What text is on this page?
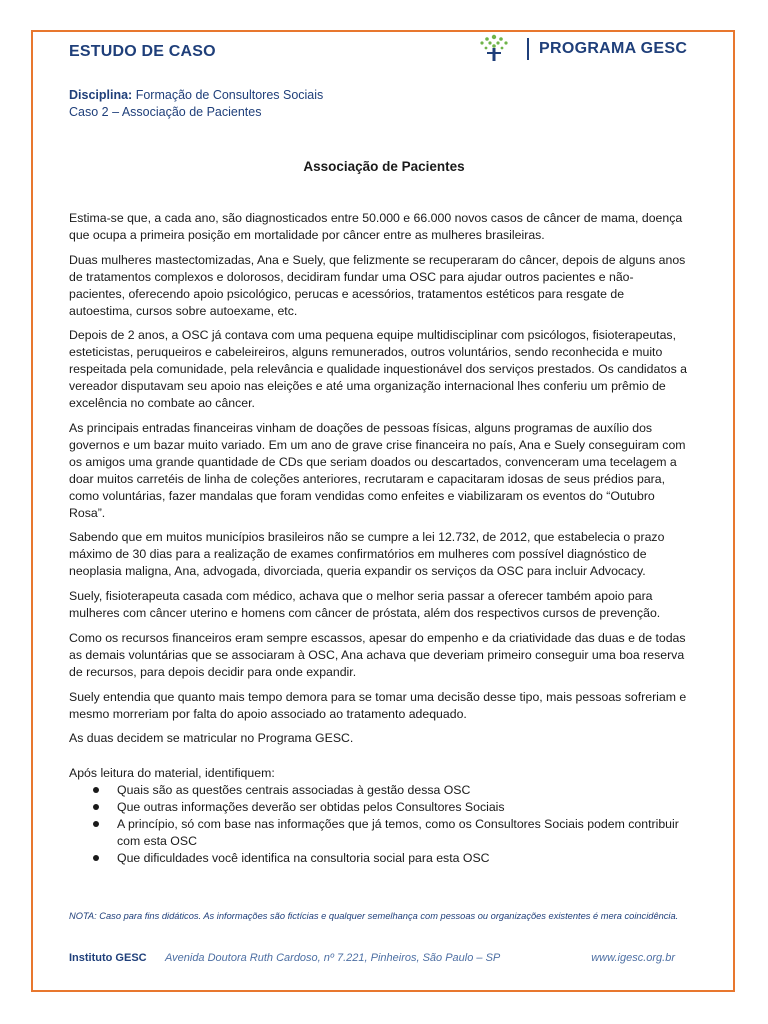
ESTUDO DE CASO	PROGRAMA GESC
Disciplina: Formação de Consultores Sociais
Caso 2 – Associação de Pacientes
Associação de Pacientes

Estima-se que, a cada ano, são diagnosticados entre 50.000 e 66.000 novos casos de câncer de mama, doença que ocupa a primeira posição em mortalidade por câncer entre as mulheres brasileiras.

Duas mulheres mastectomizadas, Ana e Suely, que felizmente se recuperaram do câncer, depois de alguns anos de tratamentos complexos e dolorosos, decidiram fundar uma OSC para ajudar outros pacientes e não-pacientes, oferecendo apoio psicológico, perucas e acessórios, tratamentos estéticos para resgate de autoestima, cursos sobre autoexame, etc.

Depois de 2 anos, a OSC já contava com uma pequena equipe multidisciplinar com psicólogos, fisioterapeutas, esteticistas, peruqueiros e cabeleireiros, alguns remunerados, outros voluntários, sendo reconhecida e muito respeitada pela comunidade, pela relevância e qualidade inquestionável dos serviços prestados. Os candidatos a vereador disputavam seu apoio nas eleições e até uma organização internacional lhes conferiu um prêmio de excelência no combate ao câncer.

As principais entradas financeiras vinham de doações de pessoas físicas, alguns programas de auxílio dos governos e um bazar muito variado. Em um ano de grave crise financeira no país, Ana e Suely conseguiram com os amigos uma grande quantidade de CDs que seriam doados ou descartados, convenceram uma tecelagem a doar muitos carretéis de linha de coleções anteriores, recrutaram e capacitaram idosas de seus prédios para, como voluntárias, fazer mandalas que foram vendidas como enfeites e viabilizaram os eventos do “Outubro Rosa”.

Sabendo que em muitos municípios brasileiros não se cumpre a lei 12.732, de 2012, que estabelecia o prazo máximo de 30 dias para a realização de exames confirmatórios em mulheres com possível diagnóstico de neoplasia maligna, Ana, advogada, divorciada, queria expandir os serviços da OSC para incluir Advocacy.

Suely, fisioterapeuta casada com médico, achava que o melhor seria passar a oferecer também apoio para mulheres com câncer uterino e homens com câncer de próstata, além dos respectivos cursos de prevenção.

Como os recursos financeiros eram sempre escassos, apesar do empenho e da criatividade das duas e de todas as demais voluntárias que se associaram à OSC, Ana achava que deveriam primeiro conseguir uma boa reserva de recursos, para depois decidir para onde expandir.

Suely entendia que quanto mais tempo demora para se tomar uma decisão desse tipo, mais pessoas sofreriam e mesmo morreriam por falta do apoio associado ao tratamento adequado.

As duas decidem se matricular no Programa GESC.

Após leitura do material, identifiquem:

Quais são as questões centrais associadas à gestão dessa OSC
Que outras informações deverão ser obtidas pelos Consultores Sociais
A princípio, só com base nas informações que já temos, como os Consultores Sociais podem contribuir com esta OSC
Que dificuldades você identifica na consultoria social para esta OSC
NOTA: Caso para fins didáticos. As informações são fictícias e qualquer semelhança com pessoas ou organizações existentes é mera coincidência.
Instituto GESC Avenida Doutora Ruth Cardoso, nº 7.221, Pinheiros, São Paulo – SP	www.igesc.org.br
